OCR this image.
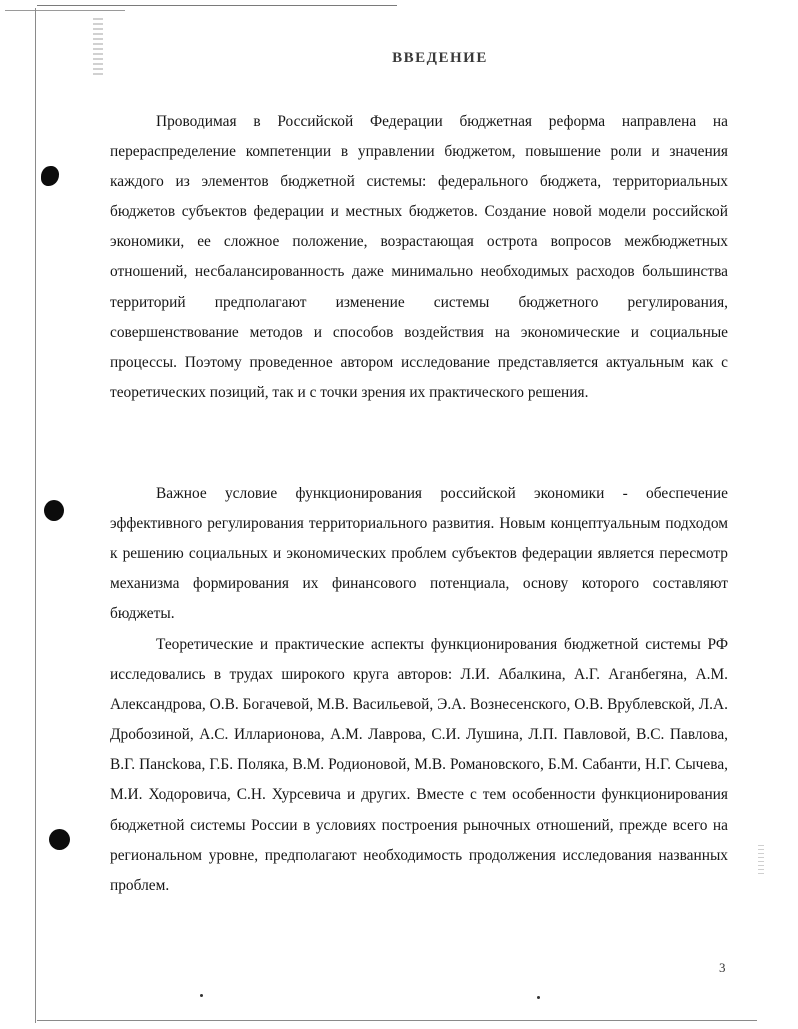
ВВЕДЕНИЕ

Проводимая в Российской Федерации бюджетная реформа направлена на перераспределение компетенции в управлении бюджетом, повышение роли и значения каждого из элементов бюджетной системы: федерального бюджета, территориальных бюджетов субъектов федерации и местных бюджетов. Создание новой модели российской экономики, ее сложное положение, возрастающая острота вопросов межбюджетных отношений, несбалансированность даже минимально необходимых расходов большинства территорий предполагают изменение системы бюджетного регулирования, совершенствование методов и способов воздействия на экономические и социальные процессы. Поэтому проведенное автором исследование представляется актуальным как с теоретических позиций, так и с точки зрения их практического решения.

Важное условие функционирования российской экономики - обеспечение эффективного регулирования территориального развития. Новым концептуальным подходом к решению социальных и экономических проблем субъектов федерации является пересмотр механизма формирования их финансового потенциала, основу которого составляют бюджеты.

Теоретические и практические аспекты функционирования бюджетной системы РФ исследовались в трудах широкого круга авторов: Л.И. Абалкина, А.Г. Аганбегяна, А.М. Александрова, О.В. Богачевой, М.В. Васильевой, Э.А. Вознесенского, О.В. Врублевской, Л.А. Дробозиной, А.С. Илларионова, А.М. Лаврова, С.И. Лушина, Л.П. Павловой, В.С. Павлова, В.Г. Пансkова, Г.Б. Поляка, В.М. Родионовой, М.В. Романовского, Б.М. Сабанти, Н.Г. Сычева, М.И. Ходоровича, С.Н. Хурсевича и других. Вместе с тем особенности функционирования бюджетной системы России в условиях построения рыночных отношений, прежде всего на региональном уровне, предполагают необходимость продолжения исследования названных проблем.

3
